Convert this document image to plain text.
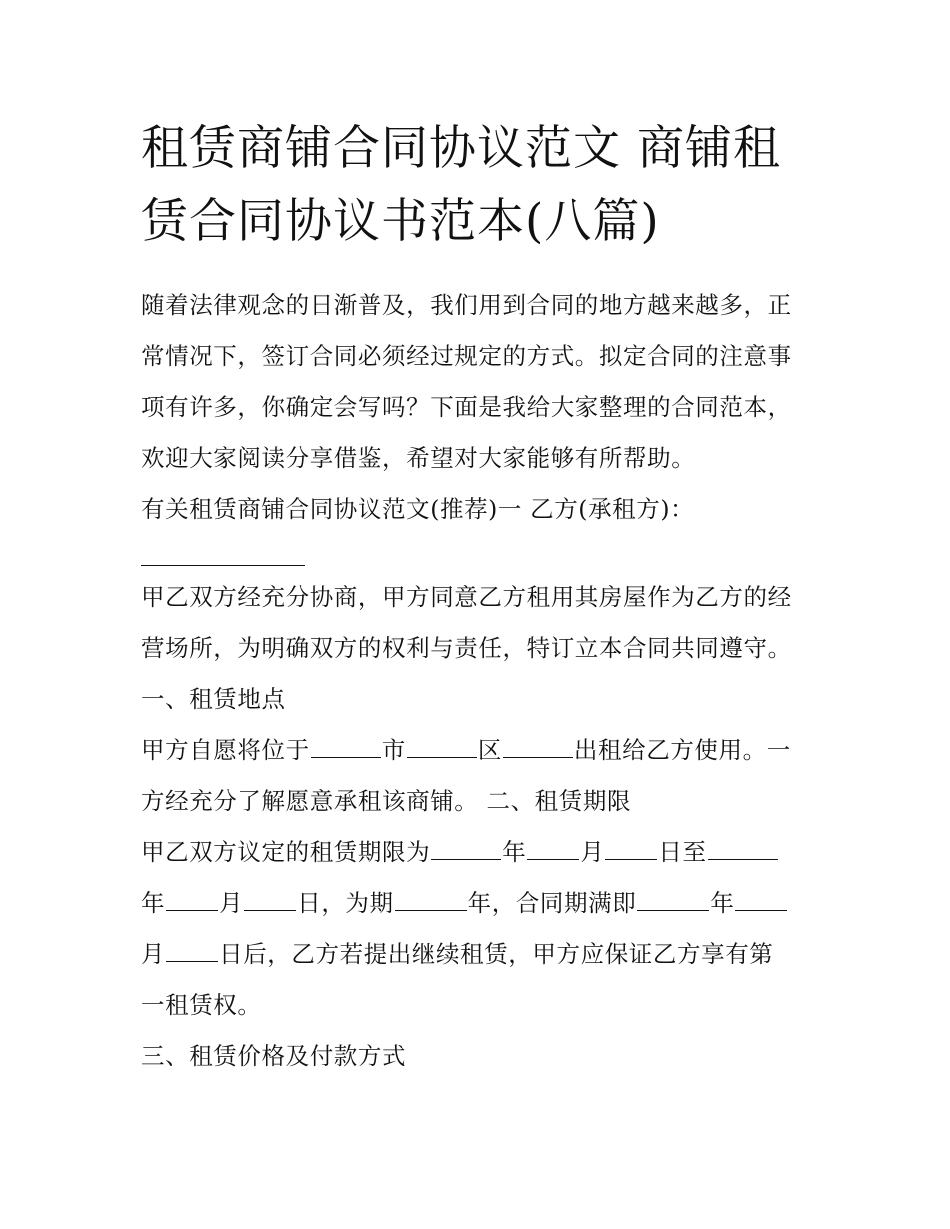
租赁商铺合同协议范文 商铺租
赁合同协议书范本(八篇)

随着法律观念的日渐普及，我们用到合同的地方越来越多，正
常情况下，签订合同必须经过规定的方式。拟定合同的注意事
项有许多，你确定会写吗？下面是我给大家整理的合同范本，
欢迎大家阅读分享借鉴，希望对大家能够有所帮助。

有关租赁商铺合同协议范文(推荐)一 乙方(承租方)：

甲乙双方经充分协商，甲方同意乙方租用其房屋作为乙方的经
营场所，为明确双方的权利与责任，特订立本合同共同遵守。

一、租赁地点

甲方自愿将位于	市	区	出租给乙方使用。一
方经充分了解愿意承租该商铺。 二、租赁期限

甲乙双方议定的租赁期限为	年 月 日至
年 月 日，为期	年，合同期满即	年
月 日后，乙方若提出继续租赁，甲方应保证乙方享有第
一租赁权。

三、租赁价格及付款方式
